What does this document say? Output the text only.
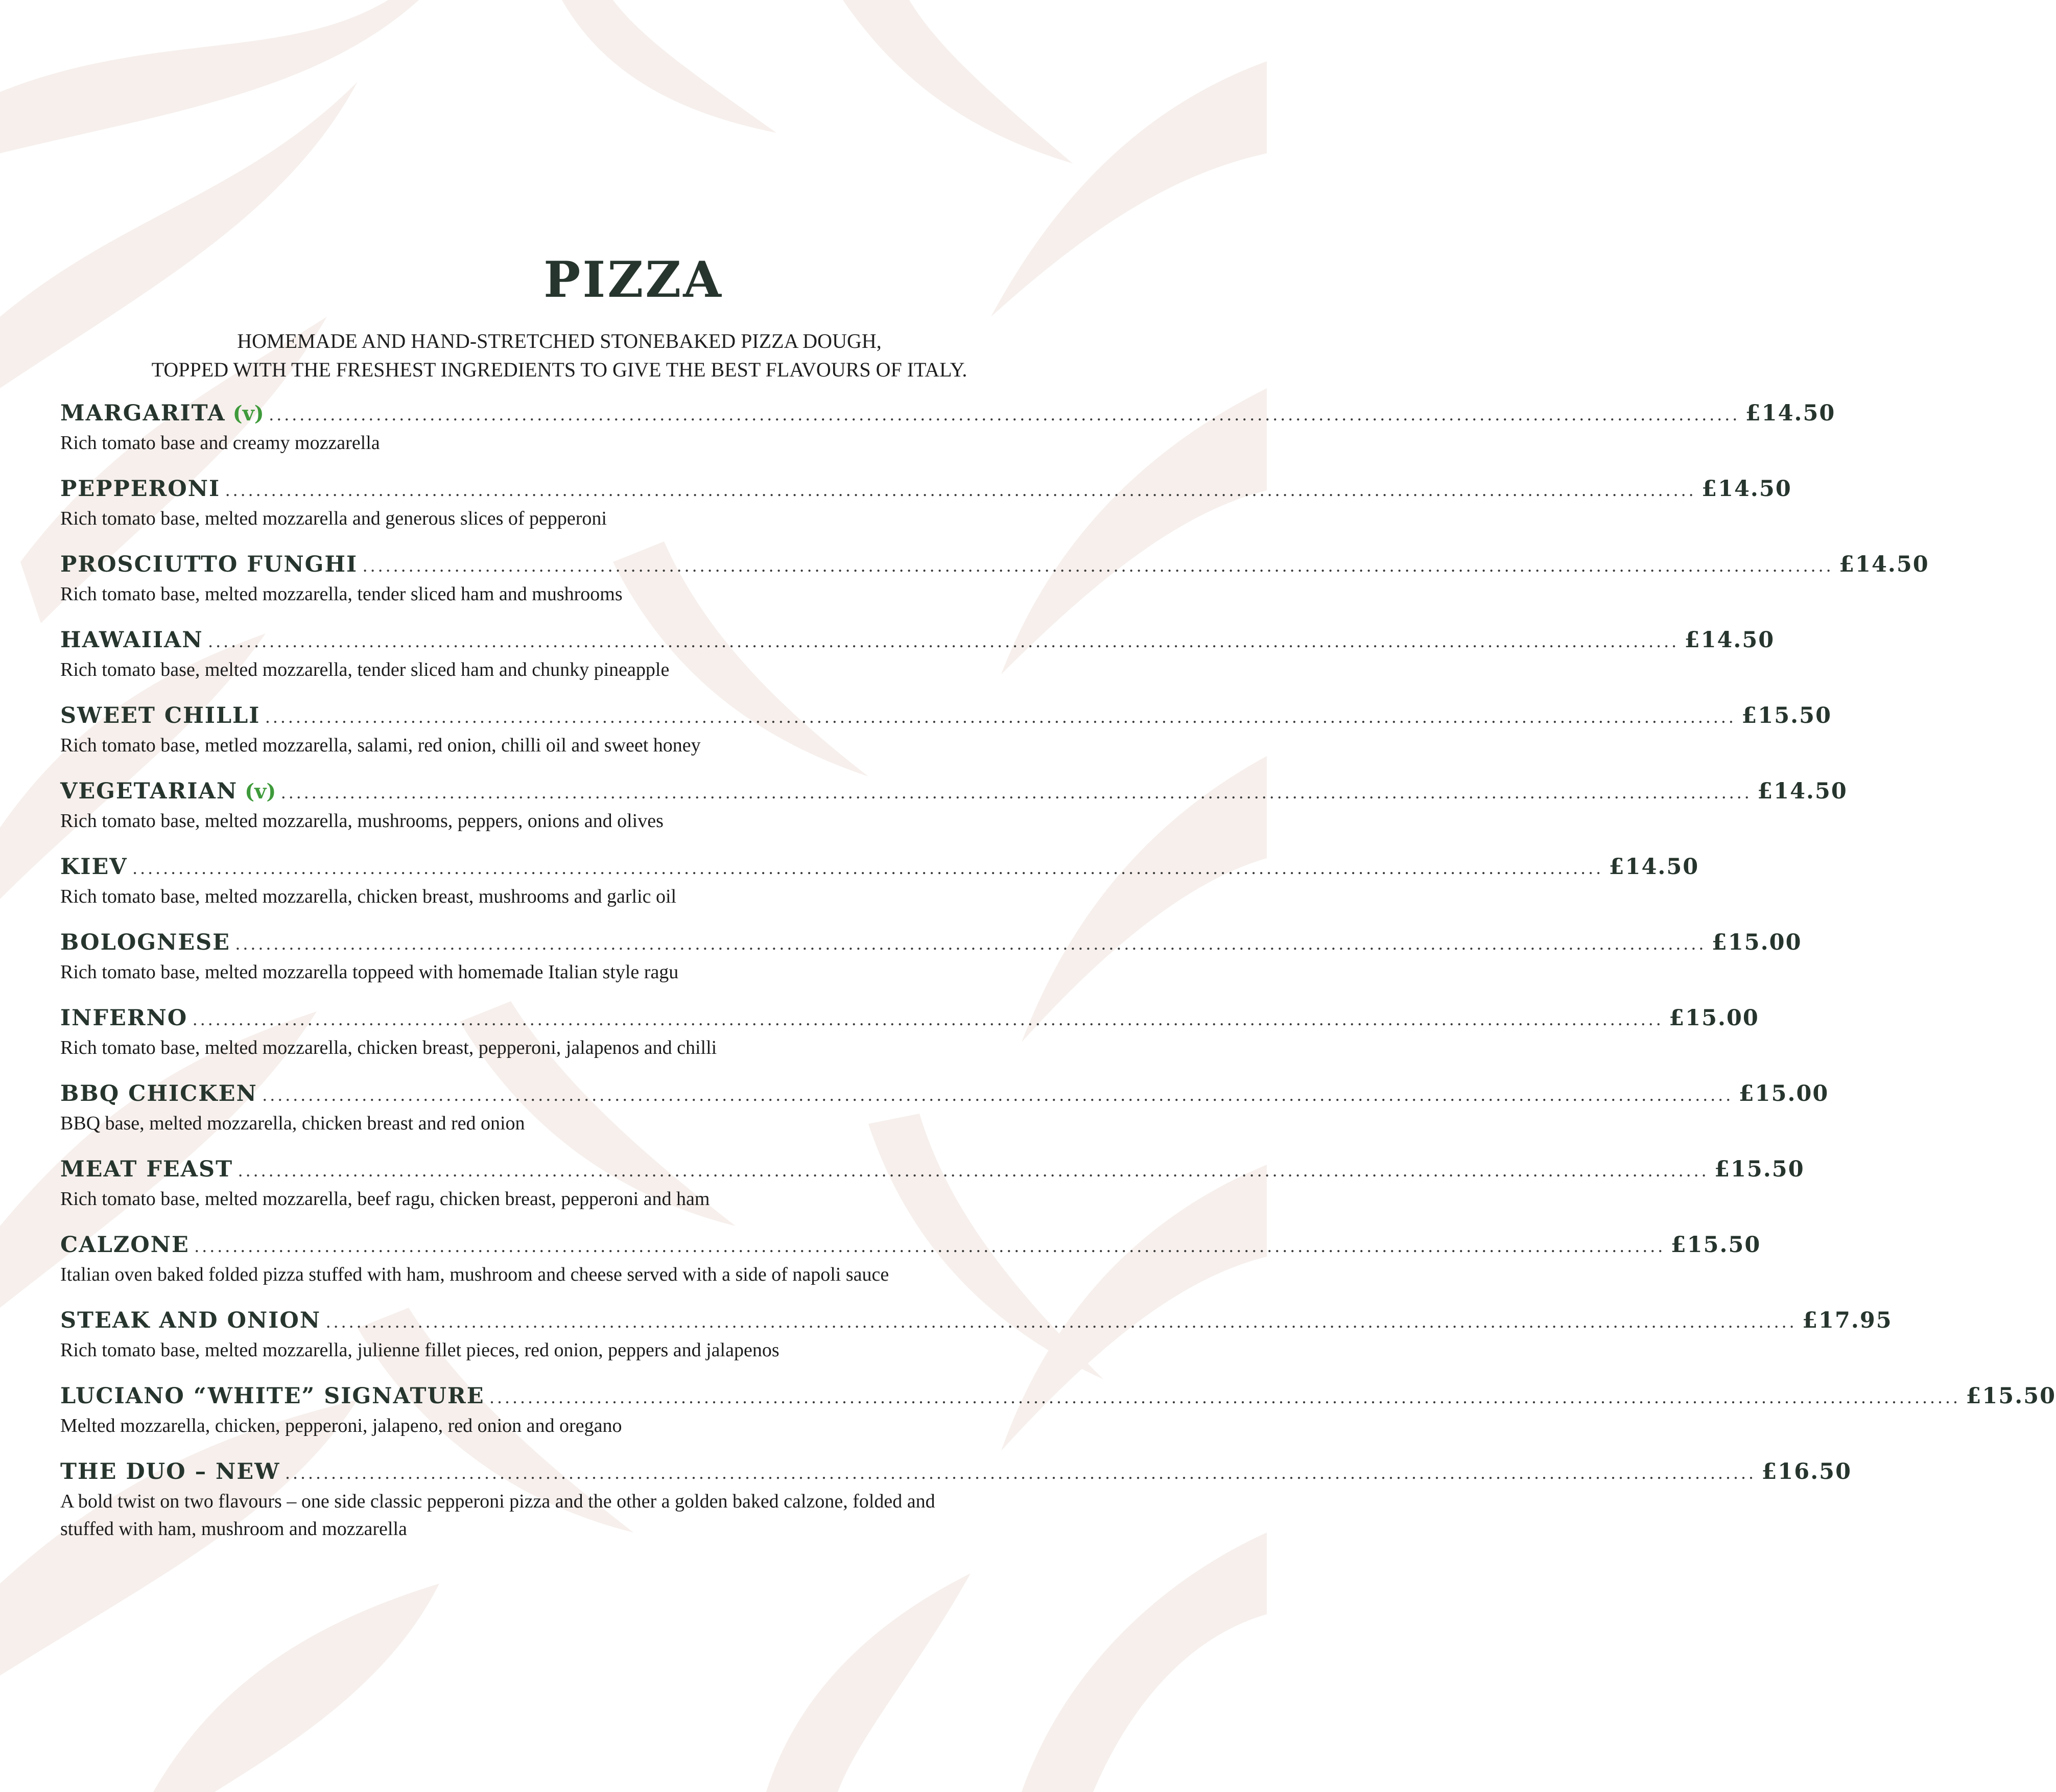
PIZZA
HOMEMADE AND HAND-STRETCHED STONEBAKED PIZZA DOUGH,
TOPPED WITH THE FRESHEST INGREDIENTS TO GIVE THE BEST FLAVOURS OF ITALY.
MARGARITA (v) ................................................................................................................................................................................................ £14.50
Rich tomato base and creamy mozzarella
PEPPERONI ................................................................................................................................................................................................ £14.50
Rich tomato base, melted mozzarella and generous slices of pepperoni
PROSCIUTTO FUNGHI ................................................................................................................................................................................................ £14.50
Rich tomato base, melted mozzarella, tender sliced ham and mushrooms
HAWAIIAN ................................................................................................................................................................................................ £14.50
Rich tomato base, melted mozzarella, tender sliced ham and chunky pineapple
SWEET CHILLI ................................................................................................................................................................................................ £15.50
Rich tomato base, metled mozzarella, salami, red onion, chilli oil and sweet honey
VEGETARIAN (v) ................................................................................................................................................................................................ £14.50
Rich tomato base, melted mozzarella, mushrooms, peppers, onions and olives
KIEV ................................................................................................................................................................................................ £14.50
Rich tomato base, melted mozzarella, chicken breast, mushrooms and garlic oil
BOLOGNESE ................................................................................................................................................................................................ £15.00
Rich tomato base, melted mozzarella toppeed with homemade Italian style ragu
INFERNO ................................................................................................................................................................................................ £15.00
Rich tomato base, melted mozzarella, chicken breast, pepperoni, jalapenos and chilli
BBQ CHICKEN ................................................................................................................................................................................................ £15.00
BBQ base, melted mozzarella, chicken breast and red onion
MEAT FEAST ................................................................................................................................................................................................ £15.50
Rich tomato base, melted mozzarella, beef ragu, chicken breast, pepperoni and ham
CALZONE ................................................................................................................................................................................................ £15.50
Italian oven baked folded pizza stuffed with ham, mushroom and cheese served with a side of napoli sauce
STEAK AND ONION ................................................................................................................................................................................................ £17.95
Rich tomato base, melted mozzarella, julienne fillet pieces, red onion, peppers and jalapenos
LUCIANO “WHITE” SIGNATURE ................................................................................................................................................................................................ £15.50
Melted mozzarella, chicken, pepperoni, jalapeno, red onion and oregano
THE DUO – NEW ................................................................................................................................................................................................ £16.50
A bold twist on two flavours – one side classic pepperoni pizza and the other a golden baked calzone, folded and stuffed with ham, mushroom and mozzarella
